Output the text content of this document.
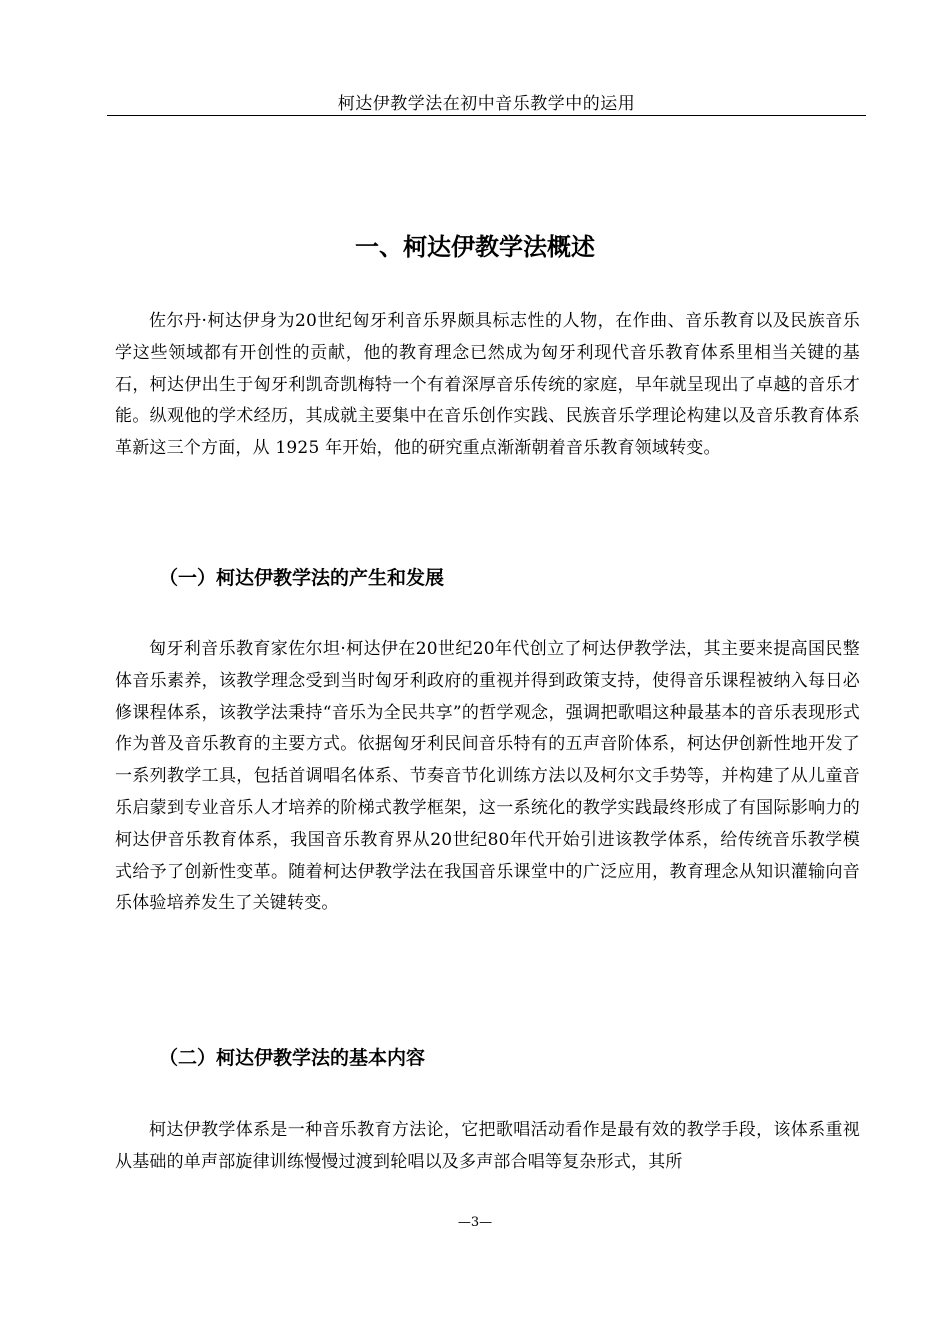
柯达伊教学法在初中音乐教学中的运用
一、柯达伊教学法概述

佐尔丹·柯达伊身为20世纪匈牙利音乐界颇具标志性的人物，在作曲、音乐教育以及民族音乐学这些领域都有开创性的贡献，他的教育理念已然成为匈牙利现代音乐教育体系里相当关键的基石，柯达伊出生于匈牙利凯奇凯梅特一个有着深厚音乐传统的家庭，早年就呈现出了卓越的音乐才能。纵观他的学术经历，其成就主要集中在音乐创作实践、民族音乐学理论构建以及音乐教育体系革新这三个方面，从 1925 年开始，他的研究重点渐渐朝着音乐教育领域转变。

（一）柯达伊教学法的产生和发展

匈牙利音乐教育家佐尔坦·柯达伊在20世纪20年代创立了柯达伊教学法，其主要来提高国民整体音乐素养，该教学理念受到当时匈牙利政府的重视并得到政策支持，使得音乐课程被纳入每日必修课程体系，该教学法秉持“音乐为全民共享”的哲学观念，强调把歌唱这种最基本的音乐表现形式作为普及音乐教育的主要方式。依据匈牙利民间音乐特有的五声音阶体系，柯达伊创新性地开发了一系列教学工具，包括首调唱名体系、节奏音节化训练方法以及柯尔文手势等，并构建了从儿童音乐启蒙到专业音乐人才培养的阶梯式教学框架，这一系统化的教学实践最终形成了有国际影响力的柯达伊音乐教育体系，我国音乐教育界从20世纪80年代开始引进该教学体系，给传统音乐教学模式给予了创新性变革。随着柯达伊教学法在我国音乐课堂中的广泛应用，教育理念从知识灌输向音乐体验培养发生了关键转变。

（二）柯达伊教学法的基本内容

柯达伊教学体系是一种音乐教育方法论，它把歌唱活动看作是最有效的教学手段，该体系重视从基础的单声部旋律训练慢慢过渡到轮唱以及多声部合唱等复杂形式，其所

—3—
